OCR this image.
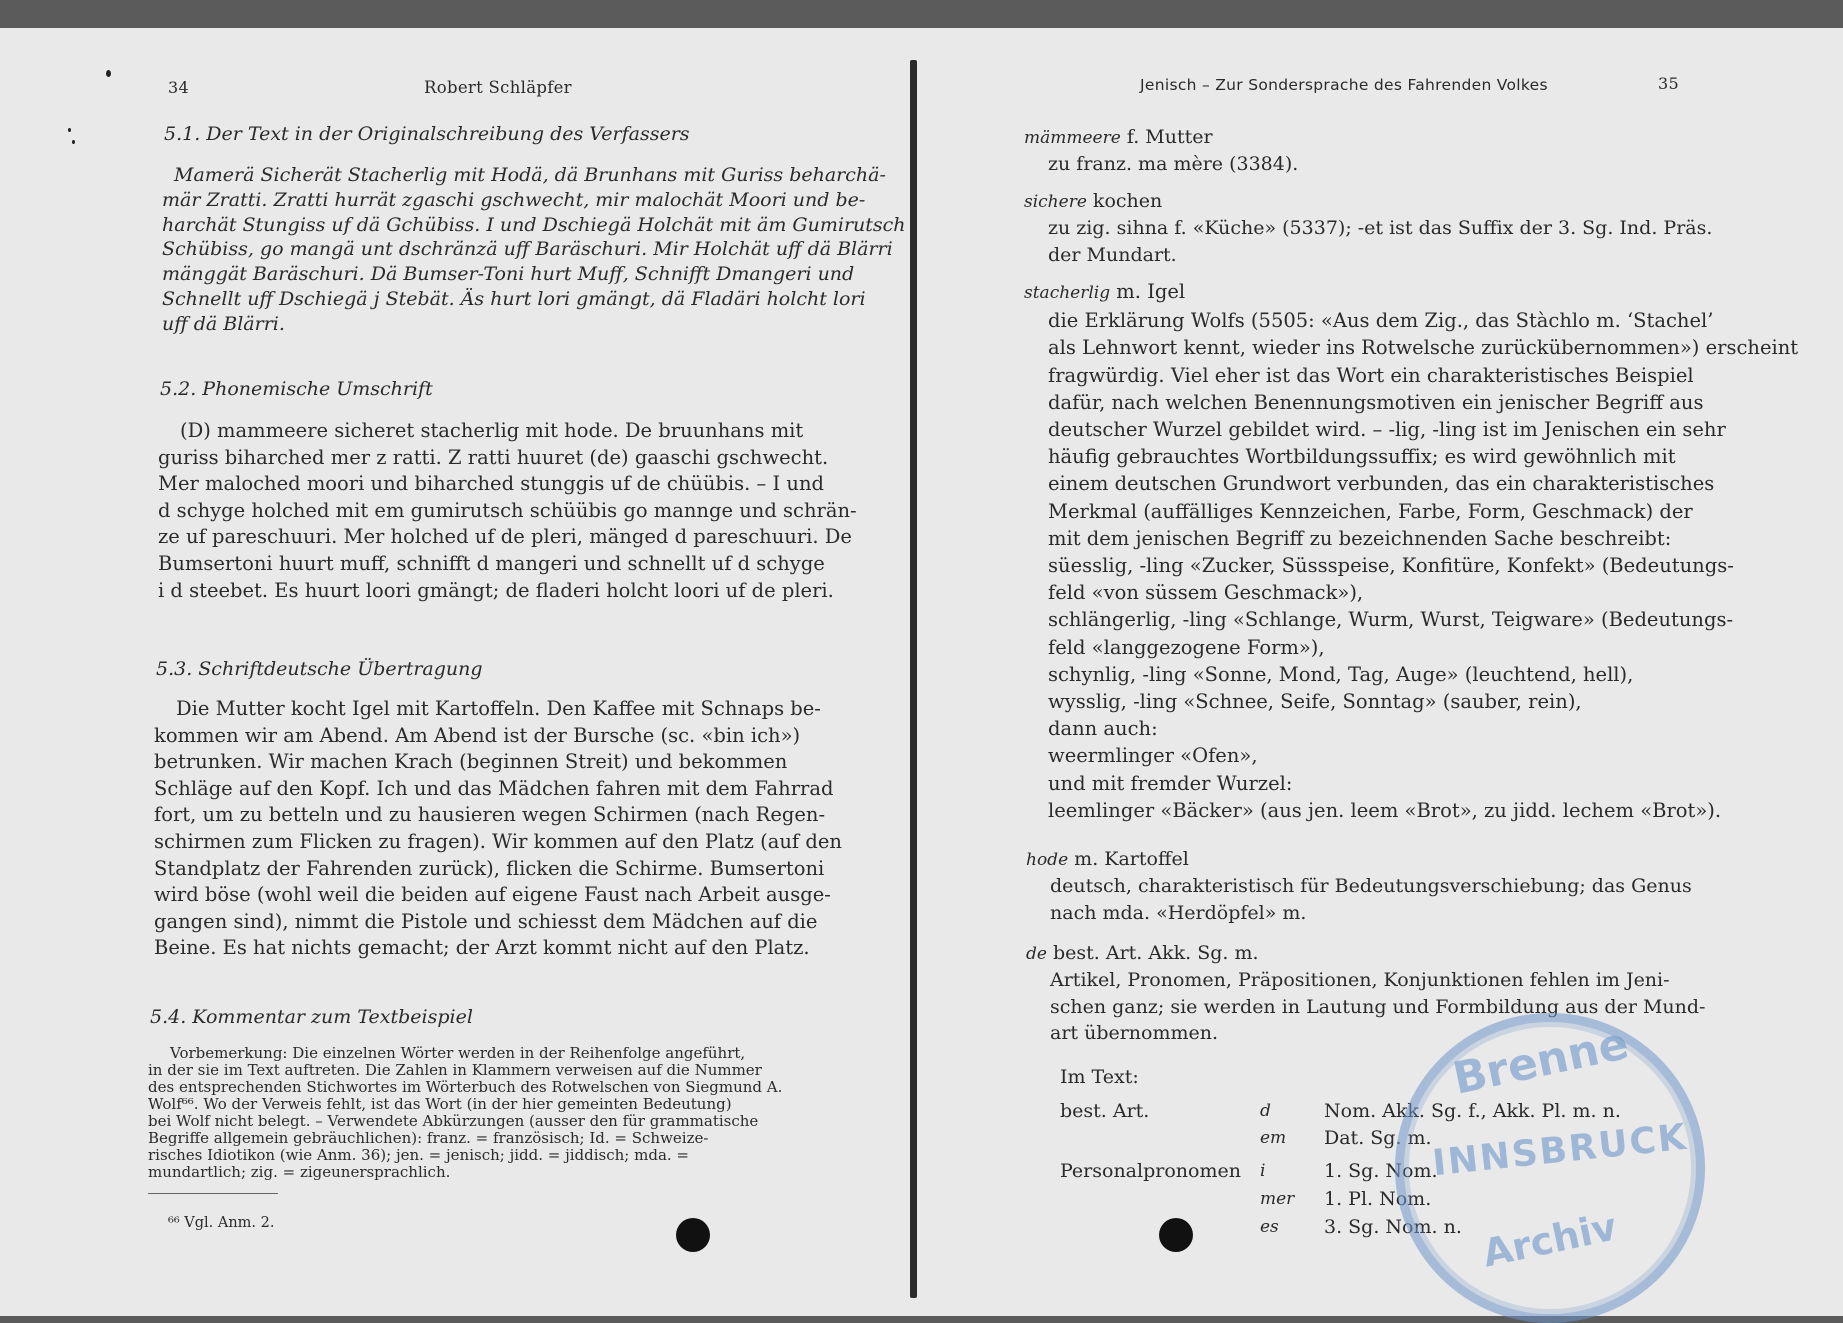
34	Robert Schläpfer
5.1. Der Text in der Originalschreibung des Verfassers
Mamerä Sicherät Stacherlig mit Hodä, dä Brunhans mit Guriss beharchä-
mär Zratti. Zratti hurrät zgaschi gschwecht, mir malochät Moori und be-
harchät Stungiss uf dä Gchübiss. I und Dschiegä Holchät mit äm Gumirutsch
Schübiss, go mangä unt dschränzä uff Baräschuri. Mir Holchät uff dä Blärri
mänggät Baräschuri. Dä Bumser-Toni hurt Muff, Schnifft Dmangeri und
Schnellt uff Dschiegä j Stebät. Äs hurt lori gmängt, dä Fladäri holcht lori
uff dä Blärri.
5.2. Phonemische Umschrift
(D) mammeere sicheret stacherlig mit hode. De bruunhans mit
guriss biharched mer z ratti. Z ratti huuret (de) gaaschi gschwecht.
Mer maloched moori und biharched stunggis uf de chüübis. – I und
d schyge holched mit em gumirutsch schüübis go mannge und schrän-
ze uf pareschuuri. Mer holched uf de pleri, mänged d pareschuuri. De
Bumsertoni huurt muff, schnifft d mangeri und schnellt uf d schyge
i d steebet. Es huurt loori gmängt; de fladeri holcht loori uf de pleri.
5.3. Schriftdeutsche Übertragung
Die Mutter kocht Igel mit Kartoffeln. Den Kaffee mit Schnaps be-
kommen wir am Abend. Am Abend ist der Bursche (sc. «bin ich»)
betrunken. Wir machen Krach (beginnen Streit) und bekommen
Schläge auf den Kopf. Ich und das Mädchen fahren mit dem Fahrrad
fort, um zu betteln und zu hausieren wegen Schirmen (nach Regen-
schirmen zum Flicken zu fragen). Wir kommen auf den Platz (auf den
Standplatz der Fahrenden zurück), flicken die Schirme. Bumsertoni
wird böse (wohl weil die beiden auf eigene Faust nach Arbeit ausge-
gangen sind), nimmt die Pistole und schiesst dem Mädchen auf die
Beine. Es hat nichts gemacht; der Arzt kommt nicht auf den Platz.
5.4. Kommentar zum Textbeispiel
Vorbemerkung: Die einzelnen Wörter werden in der Reihenfolge angeführt,
in der sie im Text auftreten. Die Zahlen in Klammern verweisen auf die Nummer
des entsprechenden Stichwortes im Wörterbuch des Rotwelschen von Siegmund A.
Wolf⁶⁶. Wo der Verweis fehlt, ist das Wort (in der hier gemeinten Bedeutung)
bei Wolf nicht belegt. – Verwendete Abkürzungen (ausser den für grammatische
Begriffe allgemein gebräuchlichen): franz. = französisch; Id. = Schweize-
risches Idiotikon (wie Anm. 36); jen. = jenisch; jidd. = jiddisch; mda. =
mundartlich; zig. = zigeunersprachlich.
⁶⁶ Vgl. Anm. 2.
Jenisch – Zur Sondersprache des Fahrenden Volkes	35
mämmeere f. Mutter
zu franz. ma mère (3384).
sichere kochen
zu zig. sihna f. «Küche» (5337); -et ist das Suffix der 3. Sg. Ind. Präs.
der Mundart.
stacherlig m. Igel
die Erklärung Wolfs (5505: «Aus dem Zig., das Stàchlo m. ‘Stachel’
als Lehnwort kennt, wieder ins Rotwelsche zurückübernommen») erscheint
fragwürdig. Viel eher ist das Wort ein charakteristisches Beispiel
dafür, nach welchen Benennungsmotiven ein jenischer Begriff aus
deutscher Wurzel gebildet wird. – -lig, -ling ist im Jenischen ein sehr
häufig gebrauchtes Wortbildungssuffix; es wird gewöhnlich mit
einem deutschen Grundwort verbunden, das ein charakteristisches
Merkmal (auffälliges Kennzeichen, Farbe, Form, Geschmack) der
mit dem jenischen Begriff zu bezeichnenden Sache beschreibt:
süesslig, -ling «Zucker, Süssspeise, Konfitüre, Konfekt» (Bedeutungs-
feld «von süssem Geschmack»),
schlängerlig, -ling «Schlange, Wurm, Wurst, Teigware» (Bedeutungs-
feld «langgezogene Form»),
schynlig, -ling «Sonne, Mond, Tag, Auge» (leuchtend, hell),
wysslig, -ling «Schnee, Seife, Sonntag» (sauber, rein),
dann auch:
weermlinger «Ofen»,
und mit fremder Wurzel:
leemlinger «Bäcker» (aus jen. leem «Brot», zu jidd. lechem «Brot»).
hode m. Kartoffel
deutsch, charakteristisch für Bedeutungsverschiebung; das Genus
nach mda. «Herdöpfel» m.
de best. Art. Akk. Sg. m.
Artikel, Pronomen, Präpositionen, Konjunktionen fehlen im Jeni-
schen ganz; sie werden in Lautung und Formbildung aus der Mund-
art übernommen.
Im Text:
best. Art.	d	Nom. Akk. Sg. f., Akk. Pl. m. n.
em Dat. Sg. m.
Personalpronomen i	1. Sg. Nom.
mer 1. Pl. Nom.
es 3. Sg. Nom. n.
Brenne
INNSBRUCK
Archiv
